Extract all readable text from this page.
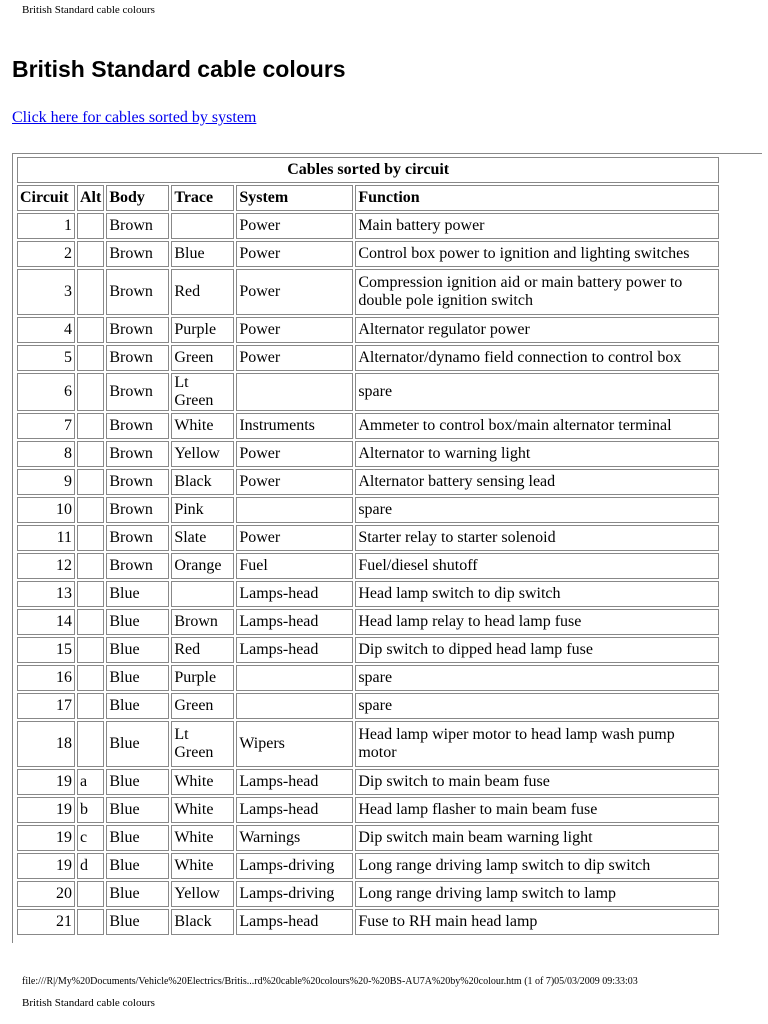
British Standard cable colours
British Standard cable colours
Click here for cables sorted by system
Cables sorted by circuit					
Circuit	Alt	Body	Trace	System	Function
1		Brown		Power	Main battery power
2		Brown	Blue	Power	Control box power to ignition and lighting switches
3		Brown	Red	Power	Compression ignition aid or main battery power to double pole ignition switch
4		Brown	Purple	Power	Alternator regulator power
5		Brown	Green	Power	Alternator/dynamo field connection to control box
6		Brown	Lt Green		spare
7		Brown	White	Instruments	Ammeter to control box/main alternator terminal
8		Brown	Yellow	Power	Alternator to warning light
9		Brown	Black	Power	Alternator battery sensing lead
10		Brown	Pink		spare
11		Brown	Slate	Power	Starter relay to starter solenoid
12		Brown	Orange	Fuel	Fuel/diesel shutoff
13		Blue		Lamps-head	Head lamp switch to dip switch
14		Blue	Brown	Lamps-head	Head lamp relay to head lamp fuse
15		Blue	Red	Lamps-head	Dip switch to dipped head lamp fuse
16		Blue	Purple		spare
17		Blue	Green		spare
18		Blue	Lt Green	Wipers	Head lamp wiper motor to head lamp wash pump motor
19	a	Blue	White	Lamps-head	Dip switch to main beam fuse
19	b	Blue	White	Lamps-head	Head lamp flasher to main beam fuse
19	c	Blue	White	Warnings	Dip switch main beam warning light
19	d	Blue	White	Lamps-driving	Long range driving lamp switch to dip switch
20		Blue	Yellow	Lamps-driving	Long range driving lamp switch to lamp
21		Blue	Black	Lamps-head	Fuse to RH main head lamp
file:///R|/My%20Documents/Vehicle%20Electrics/Britis...rd%20cable%20colours%20-%20BS-AU7A%20by%20colour.htm (1 of 7)05/03/2009 09:33:03
British Standard cable colours
